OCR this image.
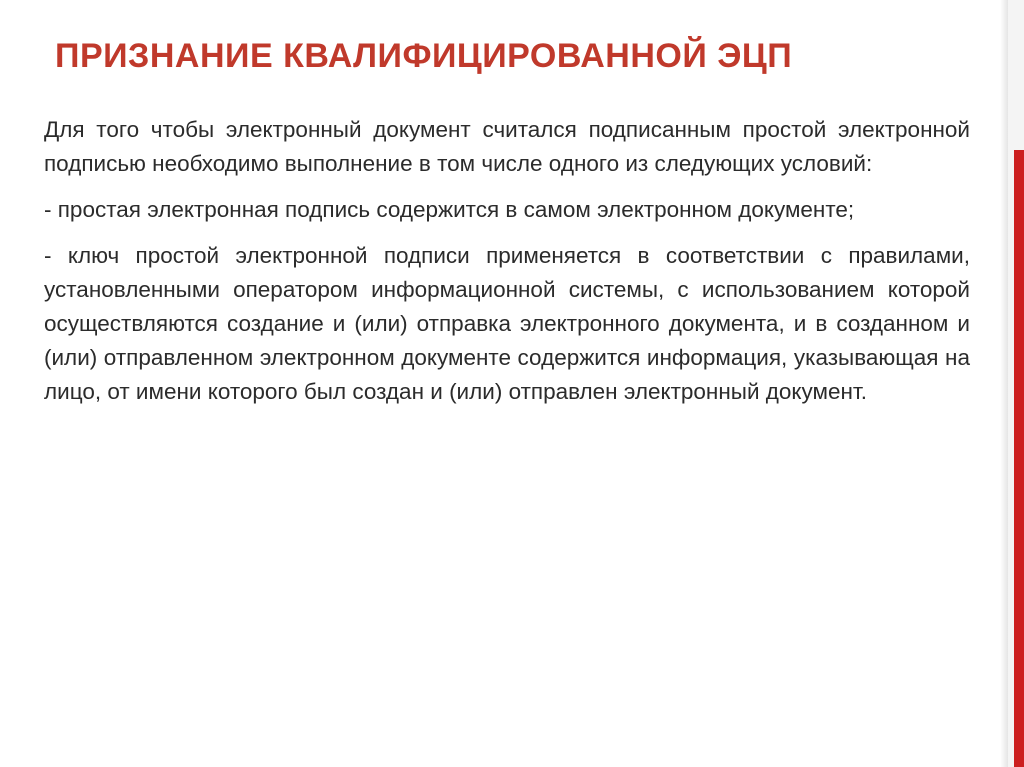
ПРИЗНАНИЕ КВАЛИФИЦИРОВАННОЙ ЭЦП

Для того чтобы электронный документ считался подписанным простой электронной подписью необходимо выполнение в том числе одного из следующих условий:

- простая электронная подпись содержится в самом электронном документе;

- ключ простой электронной подписи применяется в соответствии с правилами, установленными оператором информационной системы, с использованием которой осуществляются создание и (или) отправка электронного документа, и в созданном и (или) отправленном электронном документе содержится информация, указывающая на лицо, от имени которого был создан и (или) отправлен электронный документ.
